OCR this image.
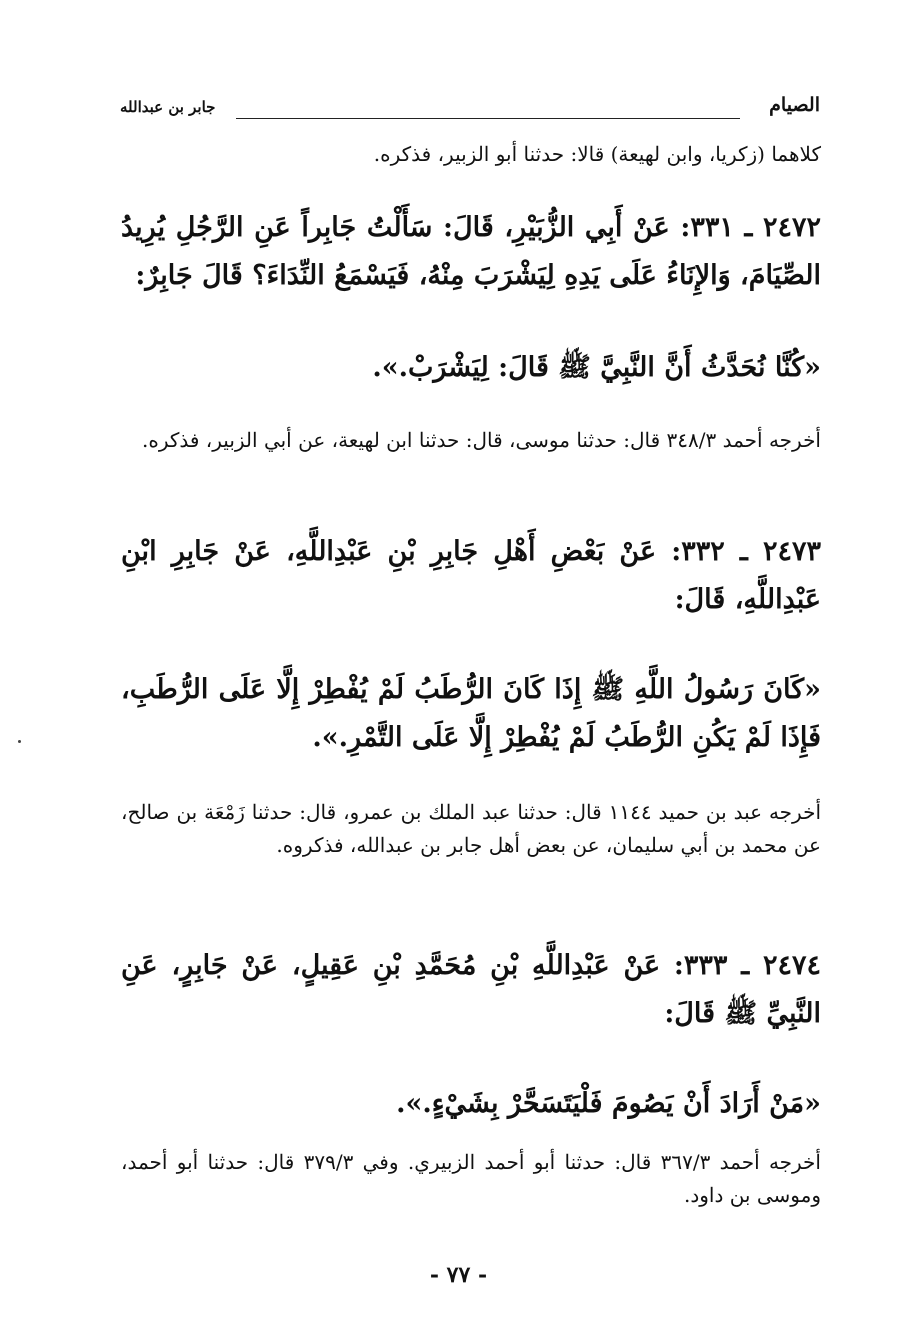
الصيام
جابر بن عبدالله

كلاهما (زكريا، وابن لهيعة) قالا: حدثنا أبو الزبير، فذكره.

٢٤٧٢ ـ ٣٣١: عَنْ أَبِي الزُّبَيْرِ، قَالَ: سَأَلْتُ جَابِراً عَنِ الرَّجُلِ يُرِيدُ الصِّيَامَ، وَالإِنَاءُ عَلَى يَدِهِ لِيَشْرَبَ مِنْهُ، فَيَسْمَعُ النِّدَاءَ؟ قَالَ جَابِرٌ:

«كُنَّا نُحَدَّثُ أَنَّ النَّبِيَّ ﷺ قَالَ: لِيَشْرَبْ.».

أخرجه أحمد ٣٤٨/٣ قال: حدثنا موسى، قال: حدثنا ابن لهيعة، عن أبي الزبير، فذكره.

٢٤٧٣ ـ ٣٣٢: عَنْ بَعْضِ أَهْلِ جَابِرِ بْنِ عَبْدِاللَّهِ، عَنْ جَابِرِ ابْنِ عَبْدِاللَّهِ، قَالَ:

«كَانَ رَسُولُ اللَّهِ ﷺ إِذَا كَانَ الرُّطَبُ لَمْ يُفْطِرْ إِلَّا عَلَى الرُّطَبِ، فَإِذَا لَمْ يَكُنِ الرُّطَبُ لَمْ يُفْطِرْ إِلَّا عَلَى التَّمْرِ.».

أخرجه عبد بن حميد ١١٤٤ قال: حدثنا عبد الملك بن عمرو، قال: حدثنا زَمْعَة بن صالح، عن محمد بن أبي سليمان، عن بعض أهل جابر بن عبدالله، فذكروه.

٢٤٧٤ ـ ٣٣٣: عَنْ عَبْدِاللَّهِ بْنِ مُحَمَّدِ بْنِ عَقِيلٍ، عَنْ جَابِرٍ، عَنِ النَّبِيِّ ﷺ قَالَ:

«مَنْ أَرَادَ أَنْ يَصُومَ فَلْيَتَسَحَّرْ بِشَيْءٍ.».

أخرجه أحمد ٣٦٧/٣ قال: حدثنا أبو أحمد الزبيري. وفي ٣٧٩/٣ قال: حدثنا أبو أحمد، وموسى بن داود.

- ٧٧ -
